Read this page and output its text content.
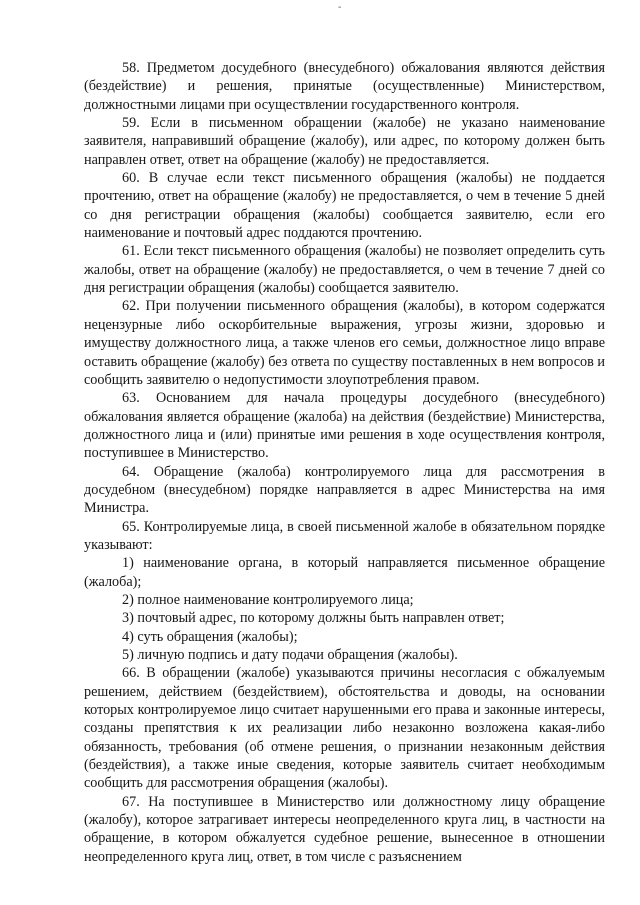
-

58. Предметом досудебного (внесудебного) обжалования являются действия (бездействие) и решения, принятые (осуществленные) Министерством, должностными лицами при осуществлении государственного контроля.

59. Если в письменном обращении (жалобе) не указано наименование заявителя, направивший обращение (жалобу), или адрес, по которому должен быть направлен ответ, ответ на обращение (жалобу) не предоставляется.

60. В случае если текст письменного обращения (жалобы) не поддается прочтению, ответ на обращение (жалобу) не предоставляется, о чем в течение 5 дней со дня регистрации обращения (жалобы) сообщается заявителю, если его наименование и почтовый адрес поддаются прочтению.

61. Если текст письменного обращения (жалобы) не позволяет определить суть жалобы, ответ на обращение (жалобу) не предоставляется, о чем в течение 7 дней со дня регистрации обращения (жалобы) сообщается заявителю.

62. При получении письменного обращения (жалобы), в котором содержатся нецензурные либо оскорбительные выражения, угрозы жизни, здоровью и имуществу должностного лица, а также членов его семьи, должностное лицо вправе оставить обращение (жалобу) без ответа по существу поставленных в нем вопросов и сообщить заявителю о недопустимости злоупотребления правом.

63. Основанием для начала процедуры досудебного (внесудебного) обжалования является обращение (жалоба) на действия (бездействие) Министерства, должностного лица и (или) принятые ими решения в ходе осуществления контроля, поступившее в Министерство.

64. Обращение (жалоба) контролируемого лица для рассмотрения в досудебном (внесудебном) порядке направляется в адрес Министерства на имя Министра.

65. Контролируемые лица, в своей письменной жалобе в обязательном порядке указывают:

1) наименование органа, в который направляется письменное обращение (жалоба);

2) полное наименование контролируемого лица;

3) почтовый адрес, по которому должны быть направлен ответ;

4) суть обращения (жалобы);

5) личную подпись и дату подачи обращения (жалобы).

66. В обращении (жалобе) указываются причины несогласия с обжалуемым решением, действием (бездействием), обстоятельства и доводы, на основании которых контролируемое лицо считает нарушенными его права и законные интересы, созданы препятствия к их реализации либо незаконно возложена какая-либо обязанность, требования (об отмене решения, о признании незаконным действия (бездействия), а также иные сведения, которые заявитель считает необходимым сообщить для рассмотрения обращения (жалобы).

67. На поступившее в Министерство или должностному лицу обращение (жалобу), которое затрагивает интересы неопределенного круга лиц, в частности на обращение, в котором обжалуется судебное решение, вынесенное в отношении неопределенного круга лиц, ответ, в том числе с разъяснением
